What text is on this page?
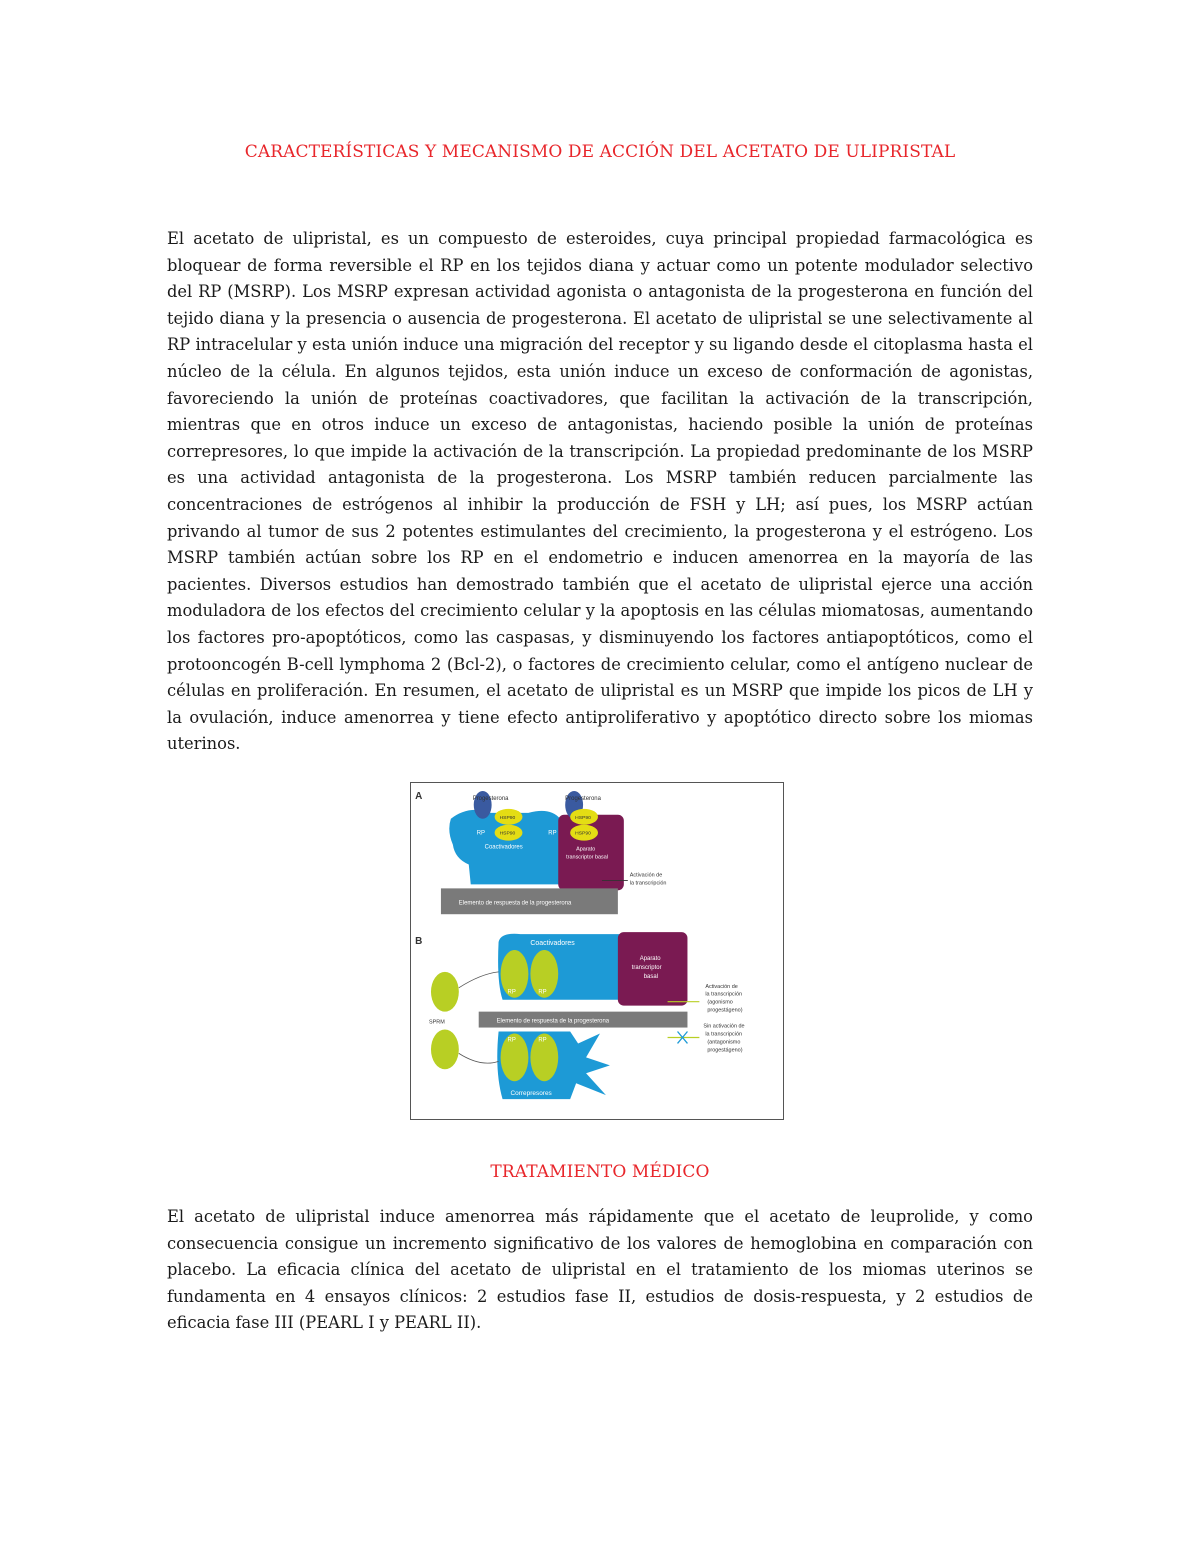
CARACTERÍSTICAS Y MECANISMO DE ACCIÓN DEL ACETATO DE ULIPRISTAL

El acetato de ulipristal, es un compuesto de esteroides, cuya principal propiedad farmacológica es bloquear de forma reversible el RP en los tejidos diana y actuar como un potente modulador selectivo del RP (MSRP). Los MSRP expresan actividad agonista o antagonista de la progesterona en función del tejido diana y la presencia o ausencia de progesterona. El acetato de ulipristal se une selectivamente al RP intracelular y esta unión induce una migración del receptor y su ligando desde el citoplasma hasta el núcleo de la célula. En algunos tejidos, esta unión induce un exceso de conformación de agonistas, favoreciendo la unión de proteínas coactivadores, que facilitan la activación de la transcripción, mientras que en otros induce un exceso de antagonistas, haciendo posible la unión de proteínas correpresores, lo que impide la activación de la transcripción. La propiedad predominante de los MSRP es una actividad antagonista de la progesterona. Los MSRP también reducen parcialmente las concentraciones de estrógenos al inhibir la producción de FSH y LH; así pues, los MSRP actúan privando al tumor de sus 2 potentes estimulantes del crecimiento, la progesterona y el estrógeno. Los MSRP también actúan sobre los RP en el endometrio e inducen amenorrea en la mayoría de las pacientes. Diversos estudios han demostrado también que el acetato de ulipristal ejerce una acción moduladora de los efectos del crecimiento celular y la apoptosis en las células miomatosas, aumentando los factores pro-apoptóticos, como las caspasas, y disminuyendo los factores antiapoptóticos, como el protooncogén B-cell lymphoma 2 (Bcl-2), o factores de crecimiento celular, como el antígeno nuclear de células en proliferación. En resumen, el acetato de ulipristal es un MSRP que impide los picos de LH y la ovulación, induce amenorrea y tiene efecto antiproliferativo y apoptótico directo sobre los miomas uterinos.

A	Progesterona	Progesterona
HSP90
HSP90
HSP90
HSP90
RP	RP
Coactivadores	Aparato
transcriptor basal
Activación de
la transcripción
Elemento de respuesta de la progesterona
B	Coactivadores
Aparato
transcriptor
basal
RP	RP
Elemento de respuesta de la progesterona
RP	RP
Correpresores
SPRM
Activación de
la transcripción
(agonismo
progestágeno)
Sin activación de
la transcripción
(antagonismo
progestágeno)
TRATAMIENTO MÉDICO

El acetato de ulipristal induce amenorrea más rápidamente que el acetato de leuprolide, y como consecuencia consigue un incremento significativo de los valores de hemoglobina en comparación con placebo. La eficacia clínica del acetato de ulipristal en el tratamiento de los miomas uterinos se fundamenta en 4 ensayos clínicos: 2 estudios fase II, estudios de dosis-respuesta, y 2 estudios de eficacia fase III (PEARL I y PEARL II).
